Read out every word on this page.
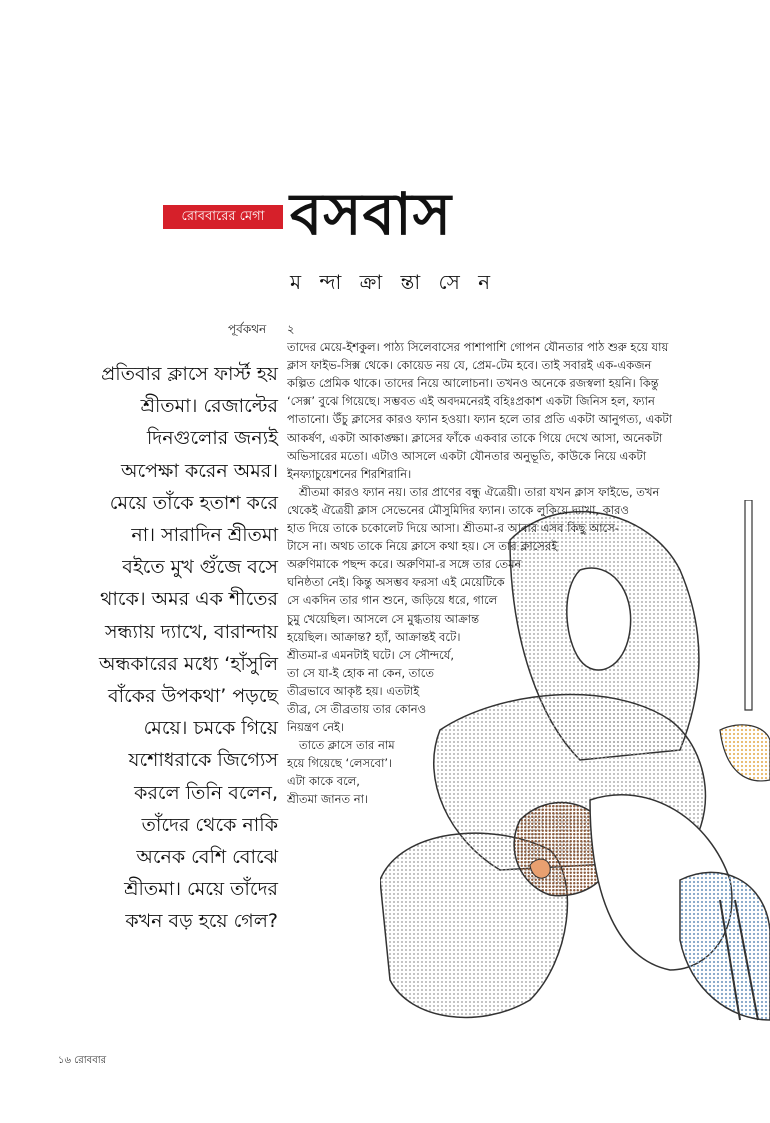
রোববারের মেগা বসবাস
ম ন্দা ক্রা ন্তা সে ন
পূর্বকথন
প্রতিবার ক্লাসে ফার্স্ট হয়
শ্রীতমা। রেজাল্টের
দিনগুলোর জন্যই
অপেক্ষা করেন অমর।
মেয়ে তাঁকে হতাশ করে
না। সারাদিন শ্রীতমা
বইতে মুখ গুঁজে বসে
থাকে। অমর এক শীতের
সন্ধ্যায় দ্যাখে, বারান্দায়
অন্ধকারের মধ্যে ‘হাঁসুলি
বাঁকের উপকথা’ পড়ছে
মেয়ে। চমকে গিয়ে
যশোধরাকে জিগ্যেস
করলে তিনি বলেন,
তাঁদের থেকে নাকি
অনেক বেশি বোঝে
শ্রীতমা। মেয়ে তাঁদের
কখন বড় হয়ে গেল?
২
তাদের মেয়ে-ইশকুল। পাঠ্য সিলেবাসের পাশাপাশি গোপন যৌনতার পাঠ শুরু হয়ে যায়
ক্লাস ফাইভ-সিক্স থেকে। কোয়েড নয় যে, প্রেম-টেম হবে। তাই সবারই এক-একজন
কল্পিত প্রেমিক থাকে। তাদের নিয়ে আলোচনা। তখনও অনেকে রজস্বলা হয়নি। কিন্তু
‘সেক্স’ বুঝে গিয়েছে। সম্ভবত এই অবদমনেরই বহিঃপ্রকাশ একটা জিনিস হল, ফ্যান
পাতানো। উঁচু ক্লাসের কারও ফ্যান হওয়া। ফ্যান হলে তার প্রতি একটা আনুগত্য, একটা
আকর্ষণ, একটা আকাঙ্ক্ষা। ক্লাসের ফাঁকে একবার তাকে গিয়ে দেখে আসা, অনেকটা
অভিসারের মতো। এটাও আসলে একটা যৌনতার অনুভূতি, কাউকে নিয়ে একটা
ইনফ্যাচুয়েশনের শিরশিরানি।
শ্রীতমা কারও ফ্যান নয়। তার প্রাণের বন্ধু ঐত্রেয়ী। তারা যখন ক্লাস ফাইভে, তখন
থেকেই ঐত্রেয়ী ক্লাস সেভেনের মৌসুমিদির ফ্যান। তাকে লুকিয়ে দ্যাখা, কারও
হাত দিয়ে তাকে চকোলেট দিয়ে আসা। শ্রীতমা-র আবার এসব কিছু আসে-
টাসে না। অথচ তাকে নিয়ে ক্লাসে কথা হয়। সে তার ক্লাসেরই
অরুণিমাকে পছন্দ করে। অরুণিমা-র সঙ্গে তার তেমন
ঘনিষ্ঠতা নেই। কিন্তু অসম্ভব ফরসা এই মেয়েটিকে
সে একদিন তার গান শুনে, জড়িয়ে ধরে, গালে
চুমু খেয়েছিল। আসলে সে মুগ্ধতায় আক্রান্ত
হয়েছিল। আক্রান্ত? হ্যাঁ, আক্রান্তই বটে।
শ্রীতমা-র এমনটাই ঘটে। সে সৌন্দর্যে,
তা সে যা-ই হোক না কেন, তাতে
তীব্রভাবে আকৃষ্ট হয়। এতটাই
তীব্র, সে তীব্রতায় তার কোনও
নিয়ন্ত্রণ নেই।
তাতে ক্লাসে তার নাম
হয়ে গিয়েছে ‘লেসবো’।
এটা কাকে বলে,
শ্রীতমা জানত না।
১৬ রোববার
